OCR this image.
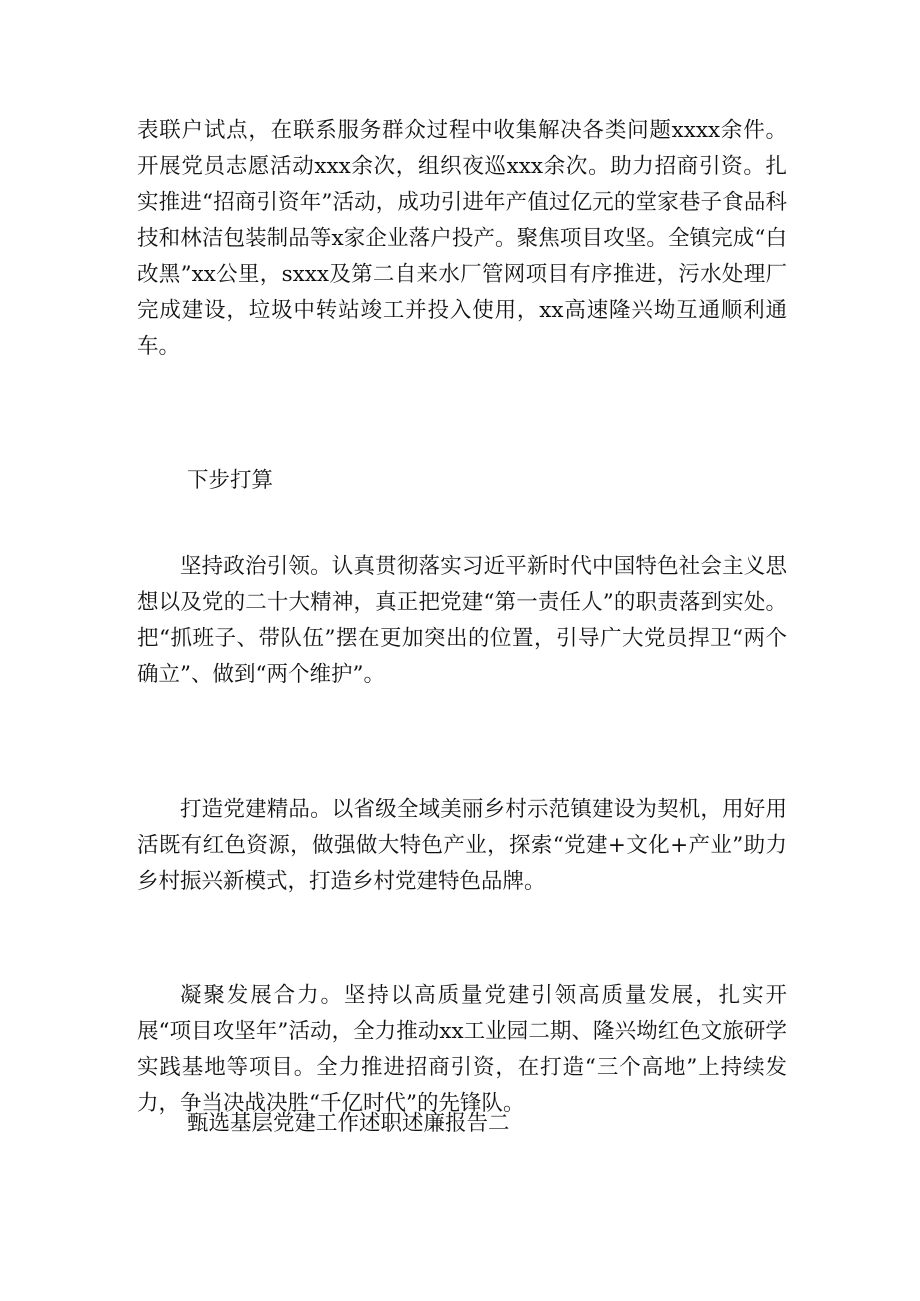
表联户试点，在联系服务群众过程中收集解决各类问题xxxx余件。开展党员志愿活动xxx余次，组织夜巡xxx余次。助力招商引资。扎实推进“招商引资年”活动，成功引进年产值过亿元的堂家巷子食品科技和林洁包装制品等x家企业落户投产。聚焦项目攻坚。全镇完成“白改黑”xx公里，sxxx及第二自来水厂管网项目有序推进，污水处理厂完成建设，垃圾中转站竣工并投入使用，xx高速隆兴坳互通顺利通车。

下步打算

坚持政治引领。认真贯彻落实习近平新时代中国特色社会主义思想以及党的二十大精神，真正把党建“第一责任人”的职责落到实处。把“抓班子、带队伍”摆在更加突出的位置，引导广大党员捍卫“两个确立”、做到“两个维护”。

打造党建精品。以省级全域美丽乡村示范镇建设为契机，用好用活既有红色资源，做强做大特色产业，探索“党建+文化+产业”助力乡村振兴新模式，打造乡村党建特色品牌。

凝聚发展合力。坚持以高质量党建引领高质量发展，扎实开展“项目攻坚年”活动，全力推动xx工业园二期、隆兴坳红色文旅研学实践基地等项目。全力推进招商引资，在打造“三个高地”上持续发力，争当决战决胜“千亿时代”的先锋队。

甄选基层党建工作述职述廉报告二
